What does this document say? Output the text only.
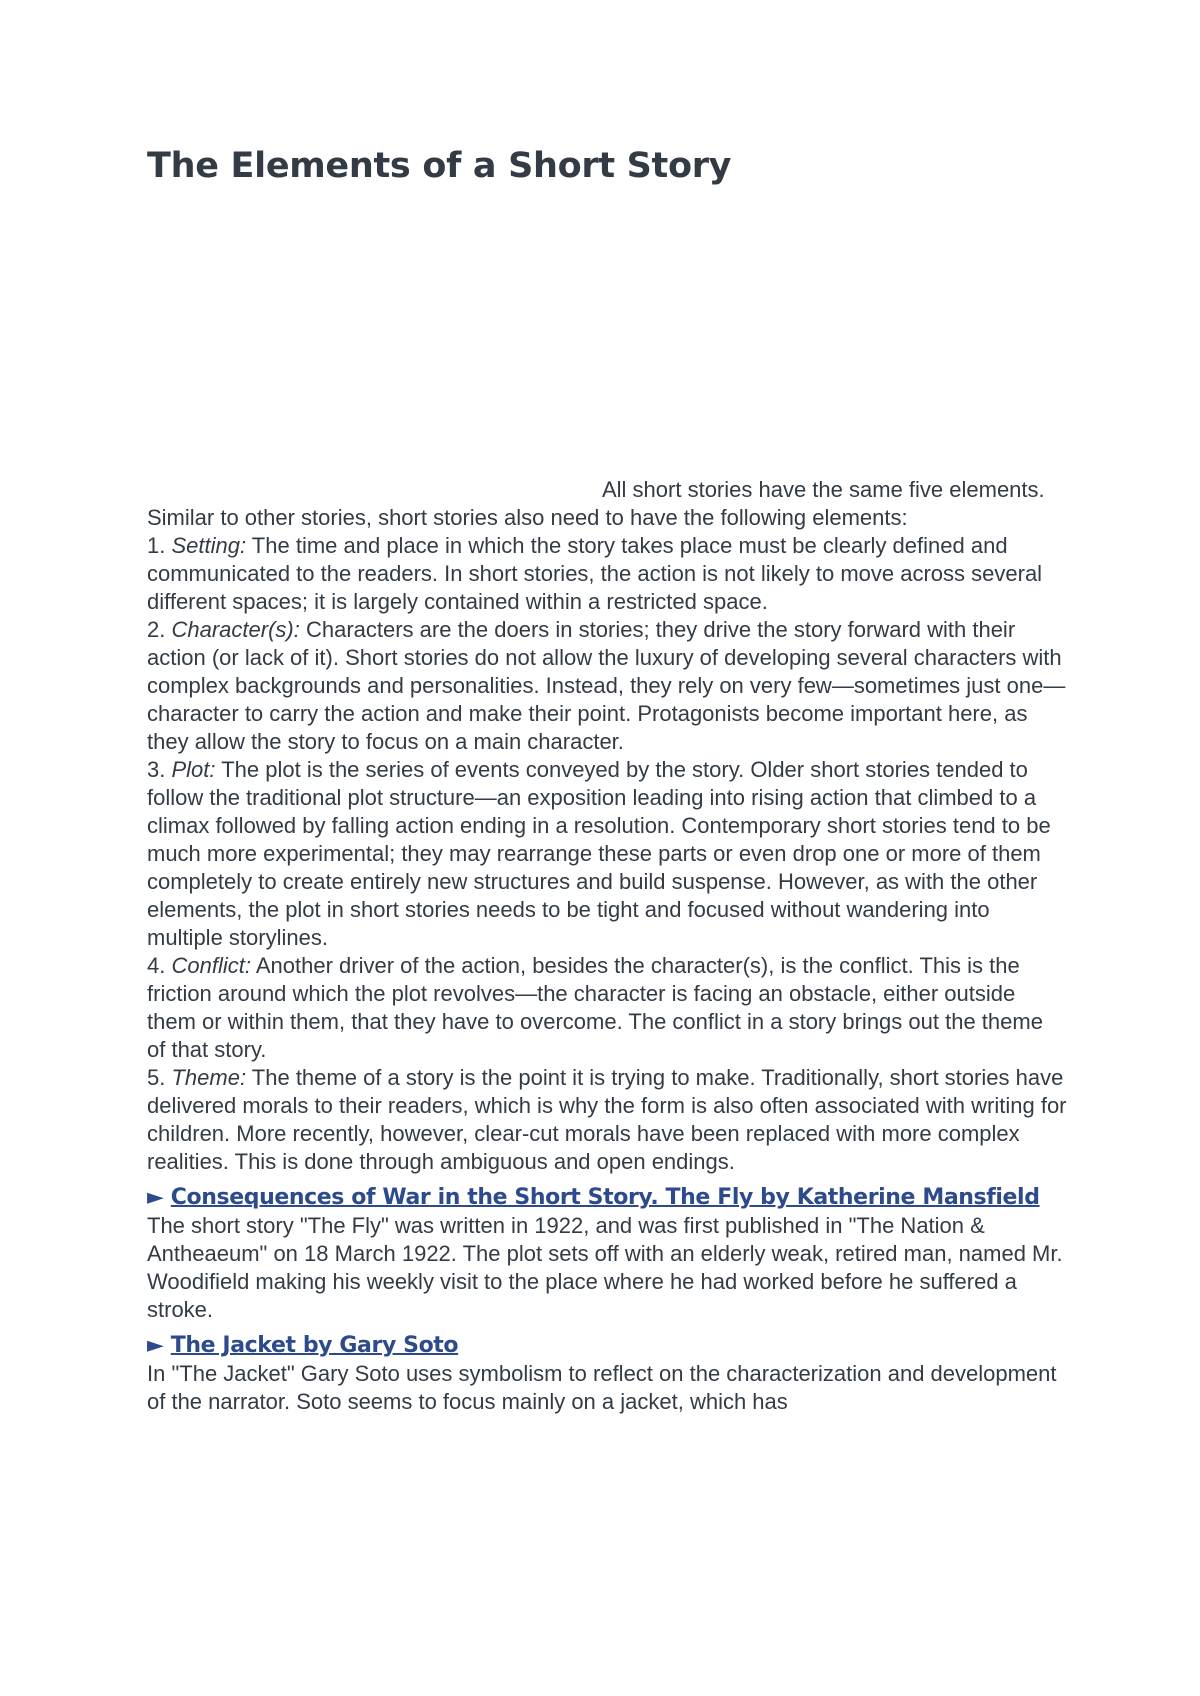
The Elements of a Short Story

All short stories have the same five elements.

Similar to other stories, short stories also need to have the following elements:

1. Setting: The time and place in which the story takes place must be clearly defined and communicated to the readers. In short stories, the action is not likely to move across several different spaces; it is largely contained within a restricted space.

2. Character(s): Characters are the doers in stories; they drive the story forward with their action (or lack of it). Short stories do not allow the luxury of developing several characters with complex backgrounds and personalities. Instead, they rely on very few—sometimes just one—character to carry the action and make their point. Protagonists become important here, as they allow the story to focus on a main character.

3. Plot: The plot is the series of events conveyed by the story. Older short stories tended to follow the traditional plot structure—an exposition leading into rising action that climbed to a climax followed by falling action ending in a resolution. Contemporary short stories tend to be much more experimental; they may rearrange these parts or even drop one or more of them completely to create entirely new structures and build suspense. However, as with the other elements, the plot in short stories needs to be tight and focused without wandering into multiple storylines.

4. Conflict: Another driver of the action, besides the character(s), is the conflict. This is the friction around which the plot revolves—the character is facing an obstacle, either outside them or within them, that they have to overcome. The conflict in a story brings out the theme of that story.

5. Theme: The theme of a story is the point it is trying to make. Traditionally, short stories have delivered morals to their readers, which is why the form is also often associated with writing for children. More recently, however, clear-cut morals have been replaced with more complex realities. This is done through ambiguous and open endings.

► Consequences of War in the Short Story. The Fly by Katherine Mansfield

The short story "The Fly" was written in 1922, and was first published in "The Nation & Antheaeum" on 18 March 1922. The plot sets off with an elderly weak, retired man, named Mr. Woodifield making his weekly visit to the place where he had worked before he suffered a stroke.

► The Jacket by Gary Soto

In "The Jacket" Gary Soto uses symbolism to reflect on the characterization and development of the narrator. Soto seems to focus mainly on a jacket, which has
